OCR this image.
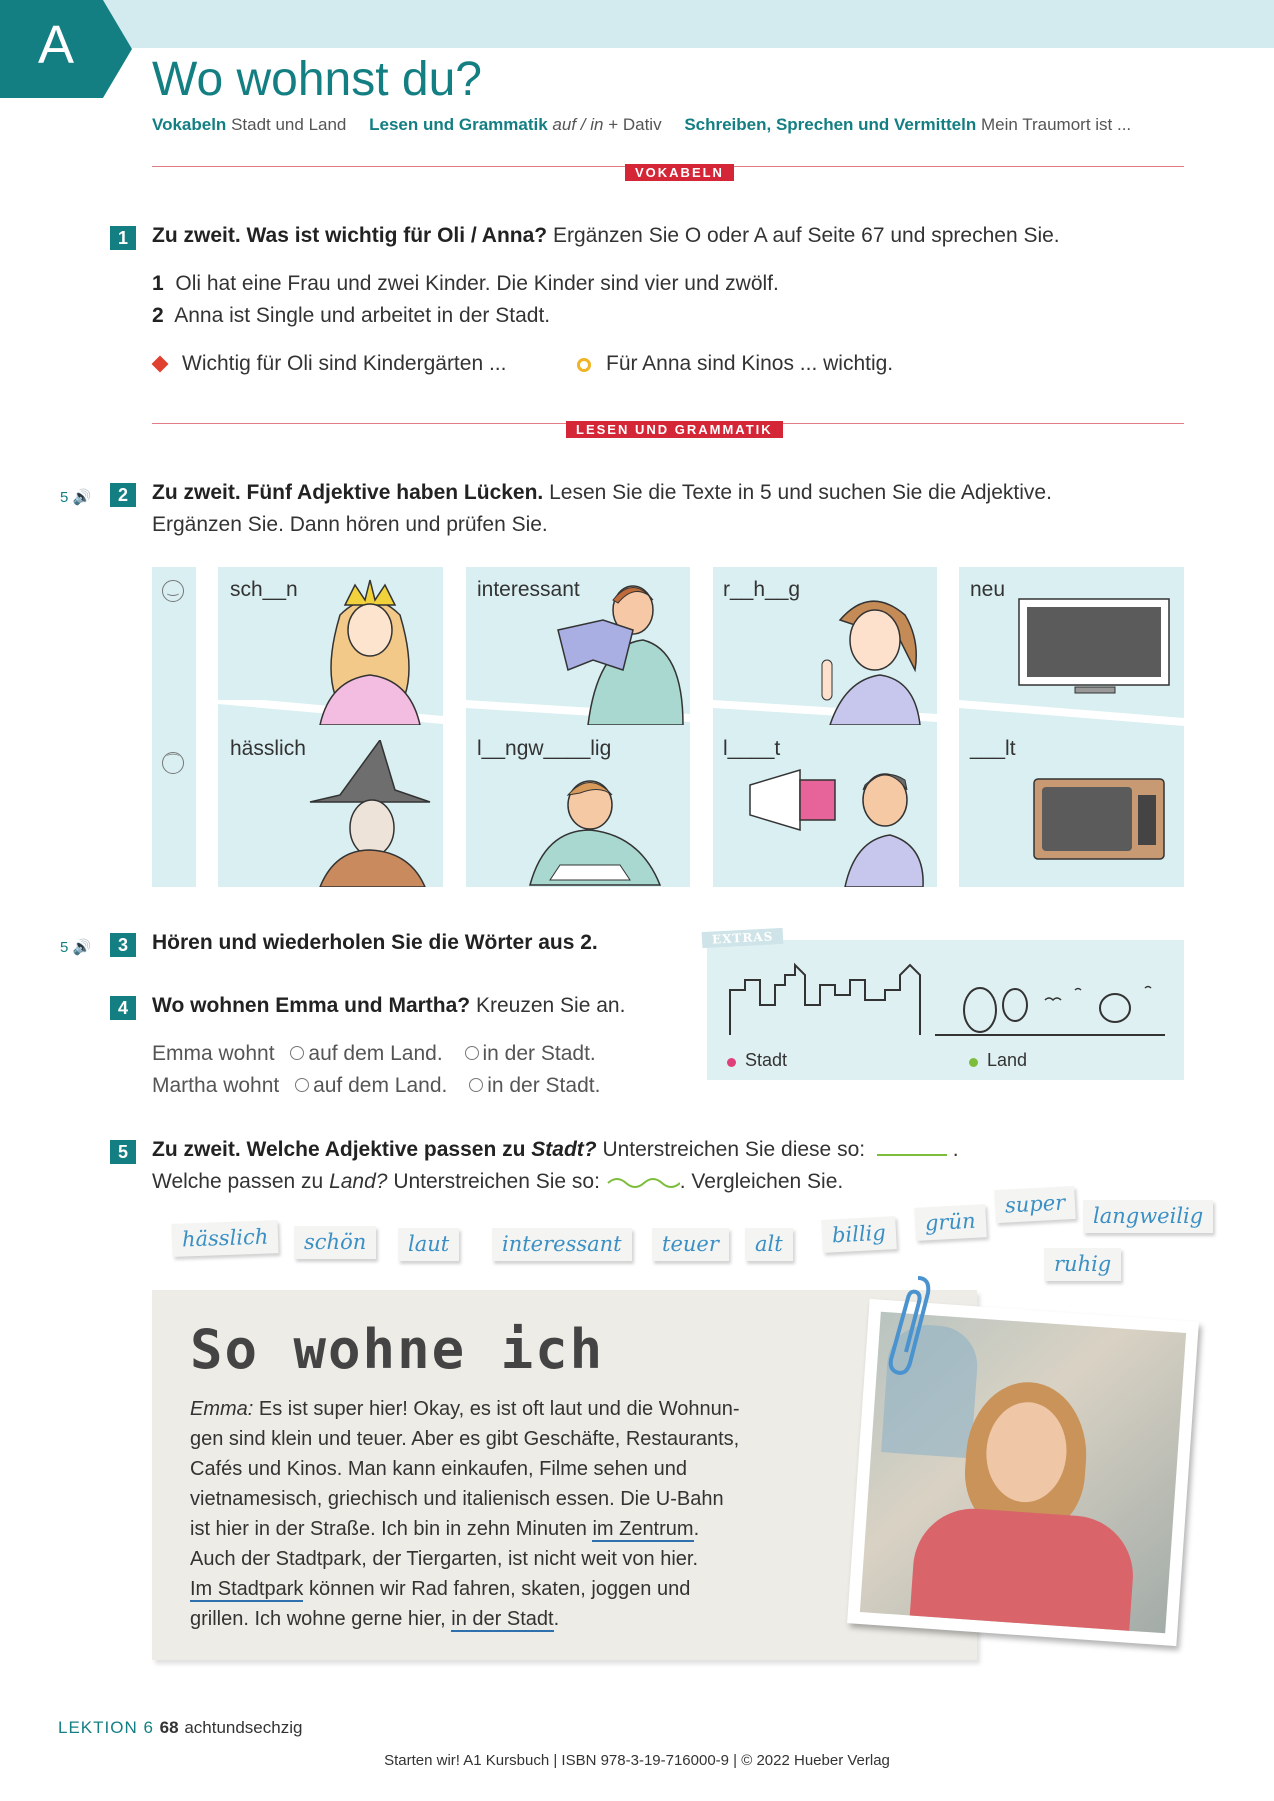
A
Wo wohnst du?
Vokabeln Stadt und Land Lesen und Grammatik auf / in + Dativ Schreiben, Sprechen und Vermitteln Mein Traumort ist ...
VOKABELN
1	Zu zweit. Was ist wichtig für Oli / Anna? Ergänzen Sie O oder A auf Seite 67 und sprechen Sie.
1 Oli hat eine Frau und zwei Kinder. Die Kinder sind vier und zwölf.
2 Anna ist Single und arbeitet in der Stadt.
Wichtig für Oli sind Kindergärten ...	Für Anna sind Kinos ... wichtig.
LESEN UND GRAMMATIK
5 🔊	2	Zu zweit. Fünf Adjektive haben Lücken. Lesen Sie die Texte in 5 und suchen Sie die Adjektive.
Ergänzen Sie. Dann hören und prüfen Sie.
‿
⌒
sch__n	interessant	r__h__g	neu
hässlich	l__ngw____lig	l____t	___lt
5 🔊	3	Hören und wiederholen Sie die Wörter aus 2.
4	Wo wohnen Emma und Martha? Kreuzen Sie an.
Emma wohnt auf dem Land. in der Stadt.
Martha wohnt auf dem Land. in der Stadt.
EXTRAS
Stadt	Land
5	Zu zweit. Welche Adjektive passen zu Stadt? Unterstreichen Sie diese so:	.
Welche passen zu Land? Unterstreichen Sie so:	. Vergleichen Sie.
hässlich	schön	laut	interessant	teuer	alt	billig	grün
super	langweilig
ruhig
So wohne ich
Emma: Es ist super hier! Okay, es ist oft laut und die Wohnun-
gen sind klein und teuer. Aber es gibt Geschäfte, Restaurants,
Cafés und Kinos. Man kann einkaufen, Filme sehen und
vietnamesisch, griechisch und italienisch essen. Die U-Bahn
ist hier in der Straße. Ich bin in zehn Minuten im Zentrum.
Auch der Stadtpark, der Tiergarten, ist nicht weit von hier.
Im Stadtpark können wir Rad fahren, skaten, joggen und
grillen. Ich wohne gerne hier, in der Stadt.
LEKTION 6 68 achtundsechzig
Starten wir! A1 Kursbuch | ISBN 978-3-19-716000-9 | © 2022 Hueber Verlag
